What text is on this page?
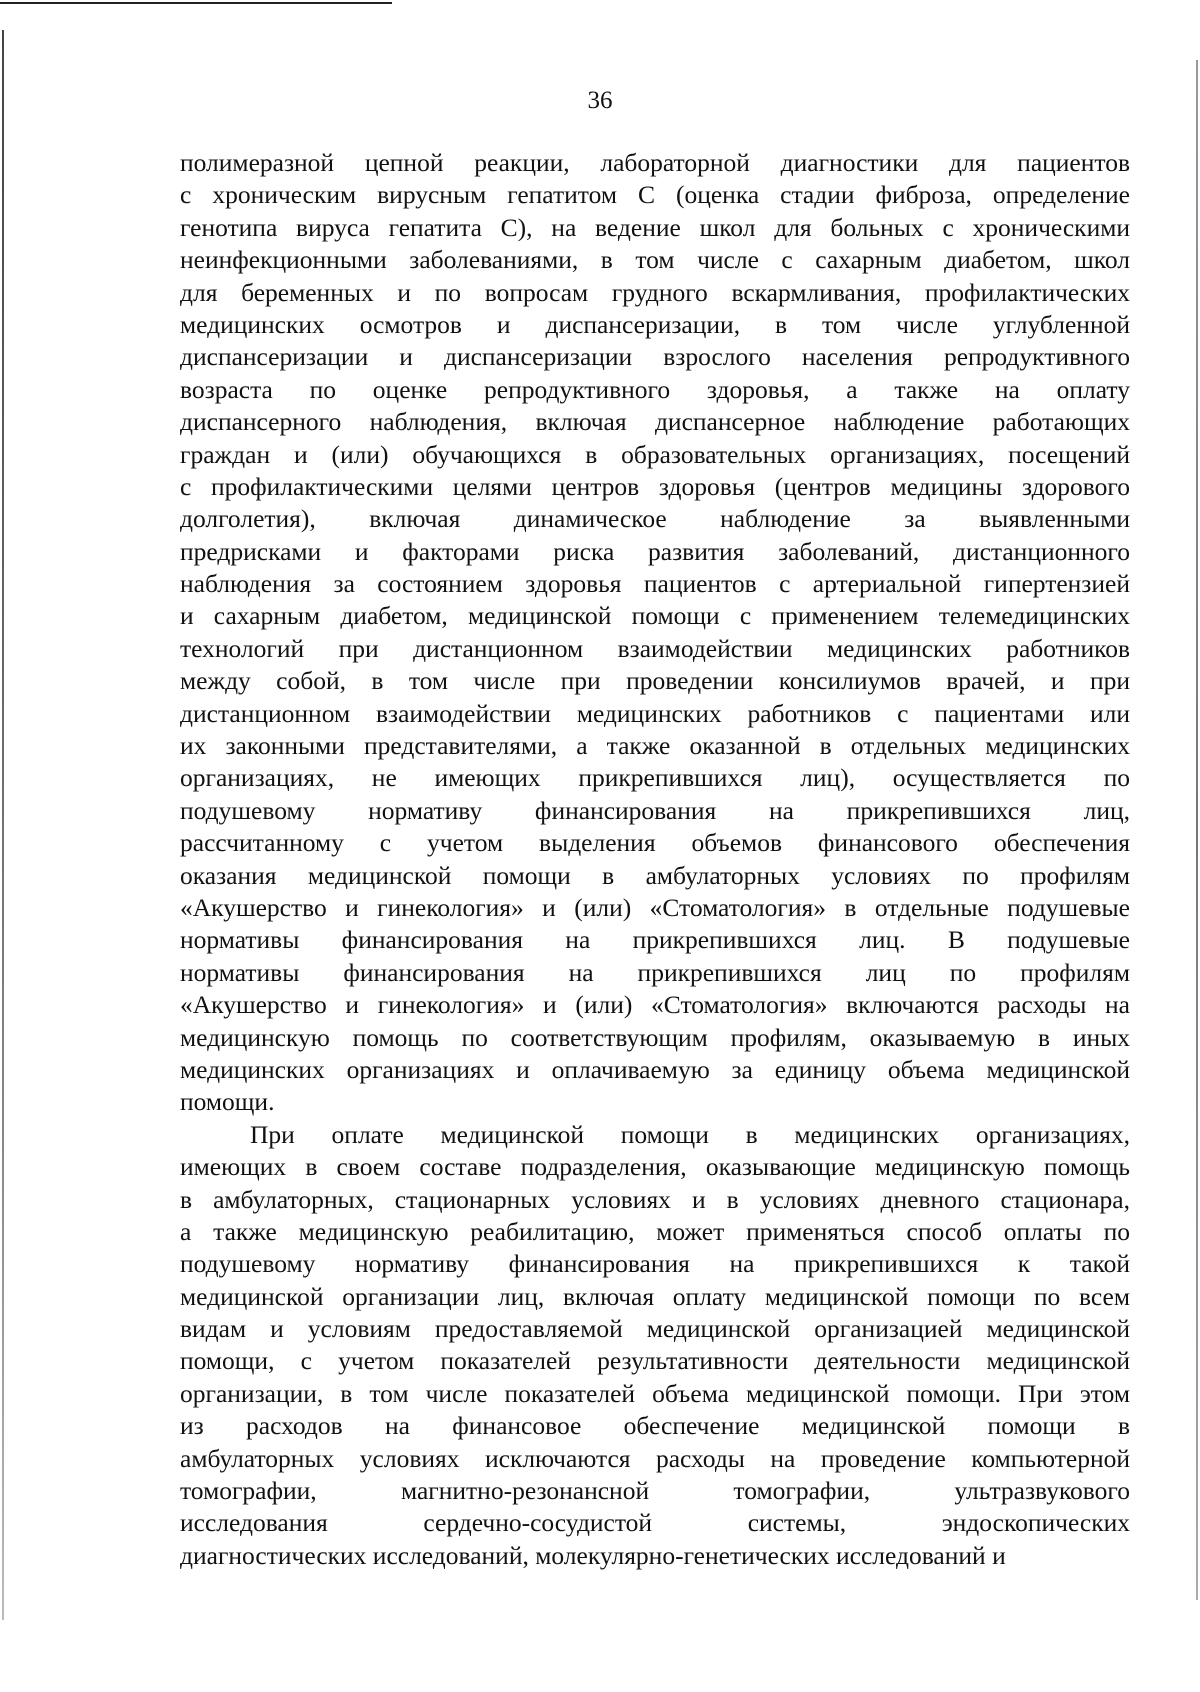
36
полимеразной цепной реакции, лабораторной диагностики для пациентов
с хроническим вирусным гепатитом С (оценка стадии фиброза, определение
генотипа вируса гепатита С), на ведение школ для больных с хроническими
неинфекционными заболеваниями, в том числе с сахарным диабетом, школ
для беременных и по вопросам грудного вскармливания, профилактических
медицинских осмотров и диспансеризации, в том числе углубленной
диспансеризации и диспансеризации взрослого населения репродуктивного
возраста по оценке репродуктивного здоровья, а также на оплату
диспансерного наблюдения, включая диспансерное наблюдение работающих
граждан и (или) обучающихся в образовательных организациях, посещений
с профилактическими целями центров здоровья (центров медицины здорового
долголетия), включая динамическое наблюдение за выявленными
предрисками и факторами риска развития заболеваний, дистанционного
наблюдения за состоянием здоровья пациентов с артериальной гипертензией
и сахарным диабетом, медицинской помощи с применением телемедицинских
технологий при дистанционном взаимодействии медицинских работников
между собой, в том числе при проведении консилиумов врачей, и при
дистанционном взаимодействии медицинских работников с пациентами или
их законными представителями, а также оказанной в отдельных медицинских
организациях, не имеющих прикрепившихся лиц), осуществляется по
подушевому нормативу финансирования на прикрепившихся лиц,
рассчитанному с учетом выделения объемов финансового обеспечения
оказания медицинской помощи в амбулаторных условиях по профилям
«Акушерство и гинекология» и (или) «Стоматология» в отдельные подушевые
нормативы финансирования на прикрепившихся лиц. В подушевые
нормативы финансирования на прикрепившихся лиц по профилям
«Акушерство и гинекология» и (или) «Стоматология» включаются расходы на
медицинскую помощь по соответствующим профилям, оказываемую в иных
медицинских организациях и оплачиваемую за единицу объема медицинской
помощи.
При оплате медицинской помощи в медицинских организациях,
имеющих в своем составе подразделения, оказывающие медицинскую помощь
в амбулаторных, стационарных условиях и в условиях дневного стационара,
а также медицинскую реабилитацию, может применяться способ оплаты по
подушевому нормативу финансирования на прикрепившихся к такой
медицинской организации лиц, включая оплату медицинской помощи по всем
видам и условиям предоставляемой медицинской организацией медицинской
помощи, с учетом показателей результативности деятельности медицинской
организации, в том числе показателей объема медицинской помощи. При этом
из расходов на финансовое обеспечение медицинской помощи в
амбулаторных условиях исключаются расходы на проведение компьютерной
томографии, магнитно-резонансной томографии, ультразвукового
исследования сердечно-сосудистой системы, эндоскопических
диагностических исследований, молекулярно-генетических исследований и
